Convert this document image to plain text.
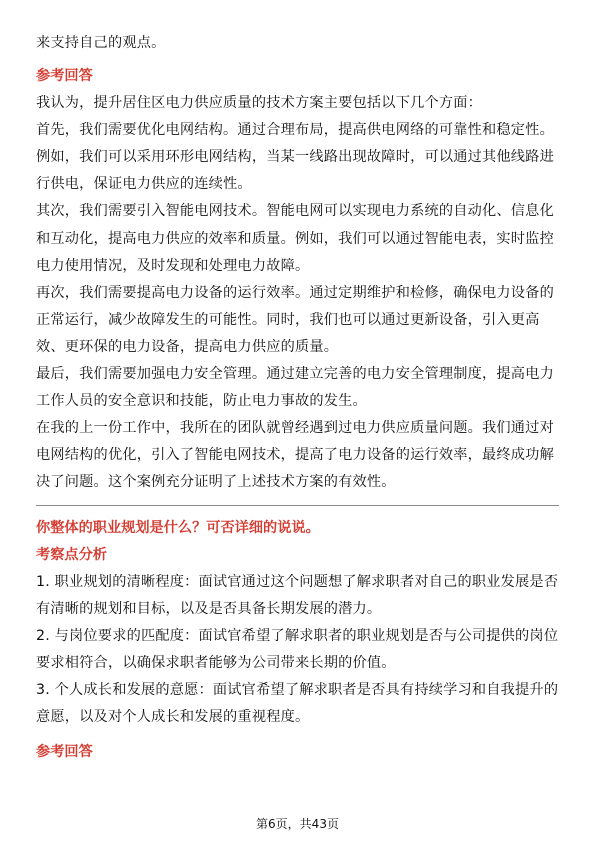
来支持自己的观点。

参考回答

我认为，提升居住区电力供应质量的技术方案主要包括以下几个方面：

首先，我们需要优化电网结构。通过合理布局，提高供电网络的可靠性和稳定性。例如，我们可以采用环形电网结构，当某一线路出现故障时，可以通过其他线路进行供电，保证电力供应的连续性。

其次，我们需要引入智能电网技术。智能电网可以实现电力系统的自动化、信息化和互动化，提高电力供应的效率和质量。例如，我们可以通过智能电表，实时监控电力使用情况，及时发现和处理电力故障。

再次，我们需要提高电力设备的运行效率。通过定期维护和检修，确保电力设备的正常运行，减少故障发生的可能性。同时，我们也可以通过更新设备，引入更高效、更环保的电力设备，提高电力供应的质量。

最后，我们需要加强电力安全管理。通过建立完善的电力安全管理制度，提高电力工作人员的安全意识和技能，防止电力事故的发生。

在我的上一份工作中，我所在的团队就曾经遇到过电力供应质量问题。我们通过对电网结构的优化，引入了智能电网技术，提高了电力设备的运行效率，最终成功解决了问题。这个案例充分证明了上述技术方案的有效性。

你整体的职业规划是什么？可否详细的说说。
考察点分析

1. 职业规划的清晰程度：面试官通过这个问题想了解求职者对自己的职业发展是否有清晰的规划和目标，以及是否具备长期发展的潜力。

2. 与岗位要求的匹配度：面试官希望了解求职者的职业规划是否与公司提供的岗位要求相符合，以确保求职者能够为公司带来长期的价值。

3. 个人成长和发展的意愿：面试官希望了解求职者是否具有持续学习和自我提升的意愿，以及对个人成长和发展的重视程度。

参考回答
第6页，共43页
